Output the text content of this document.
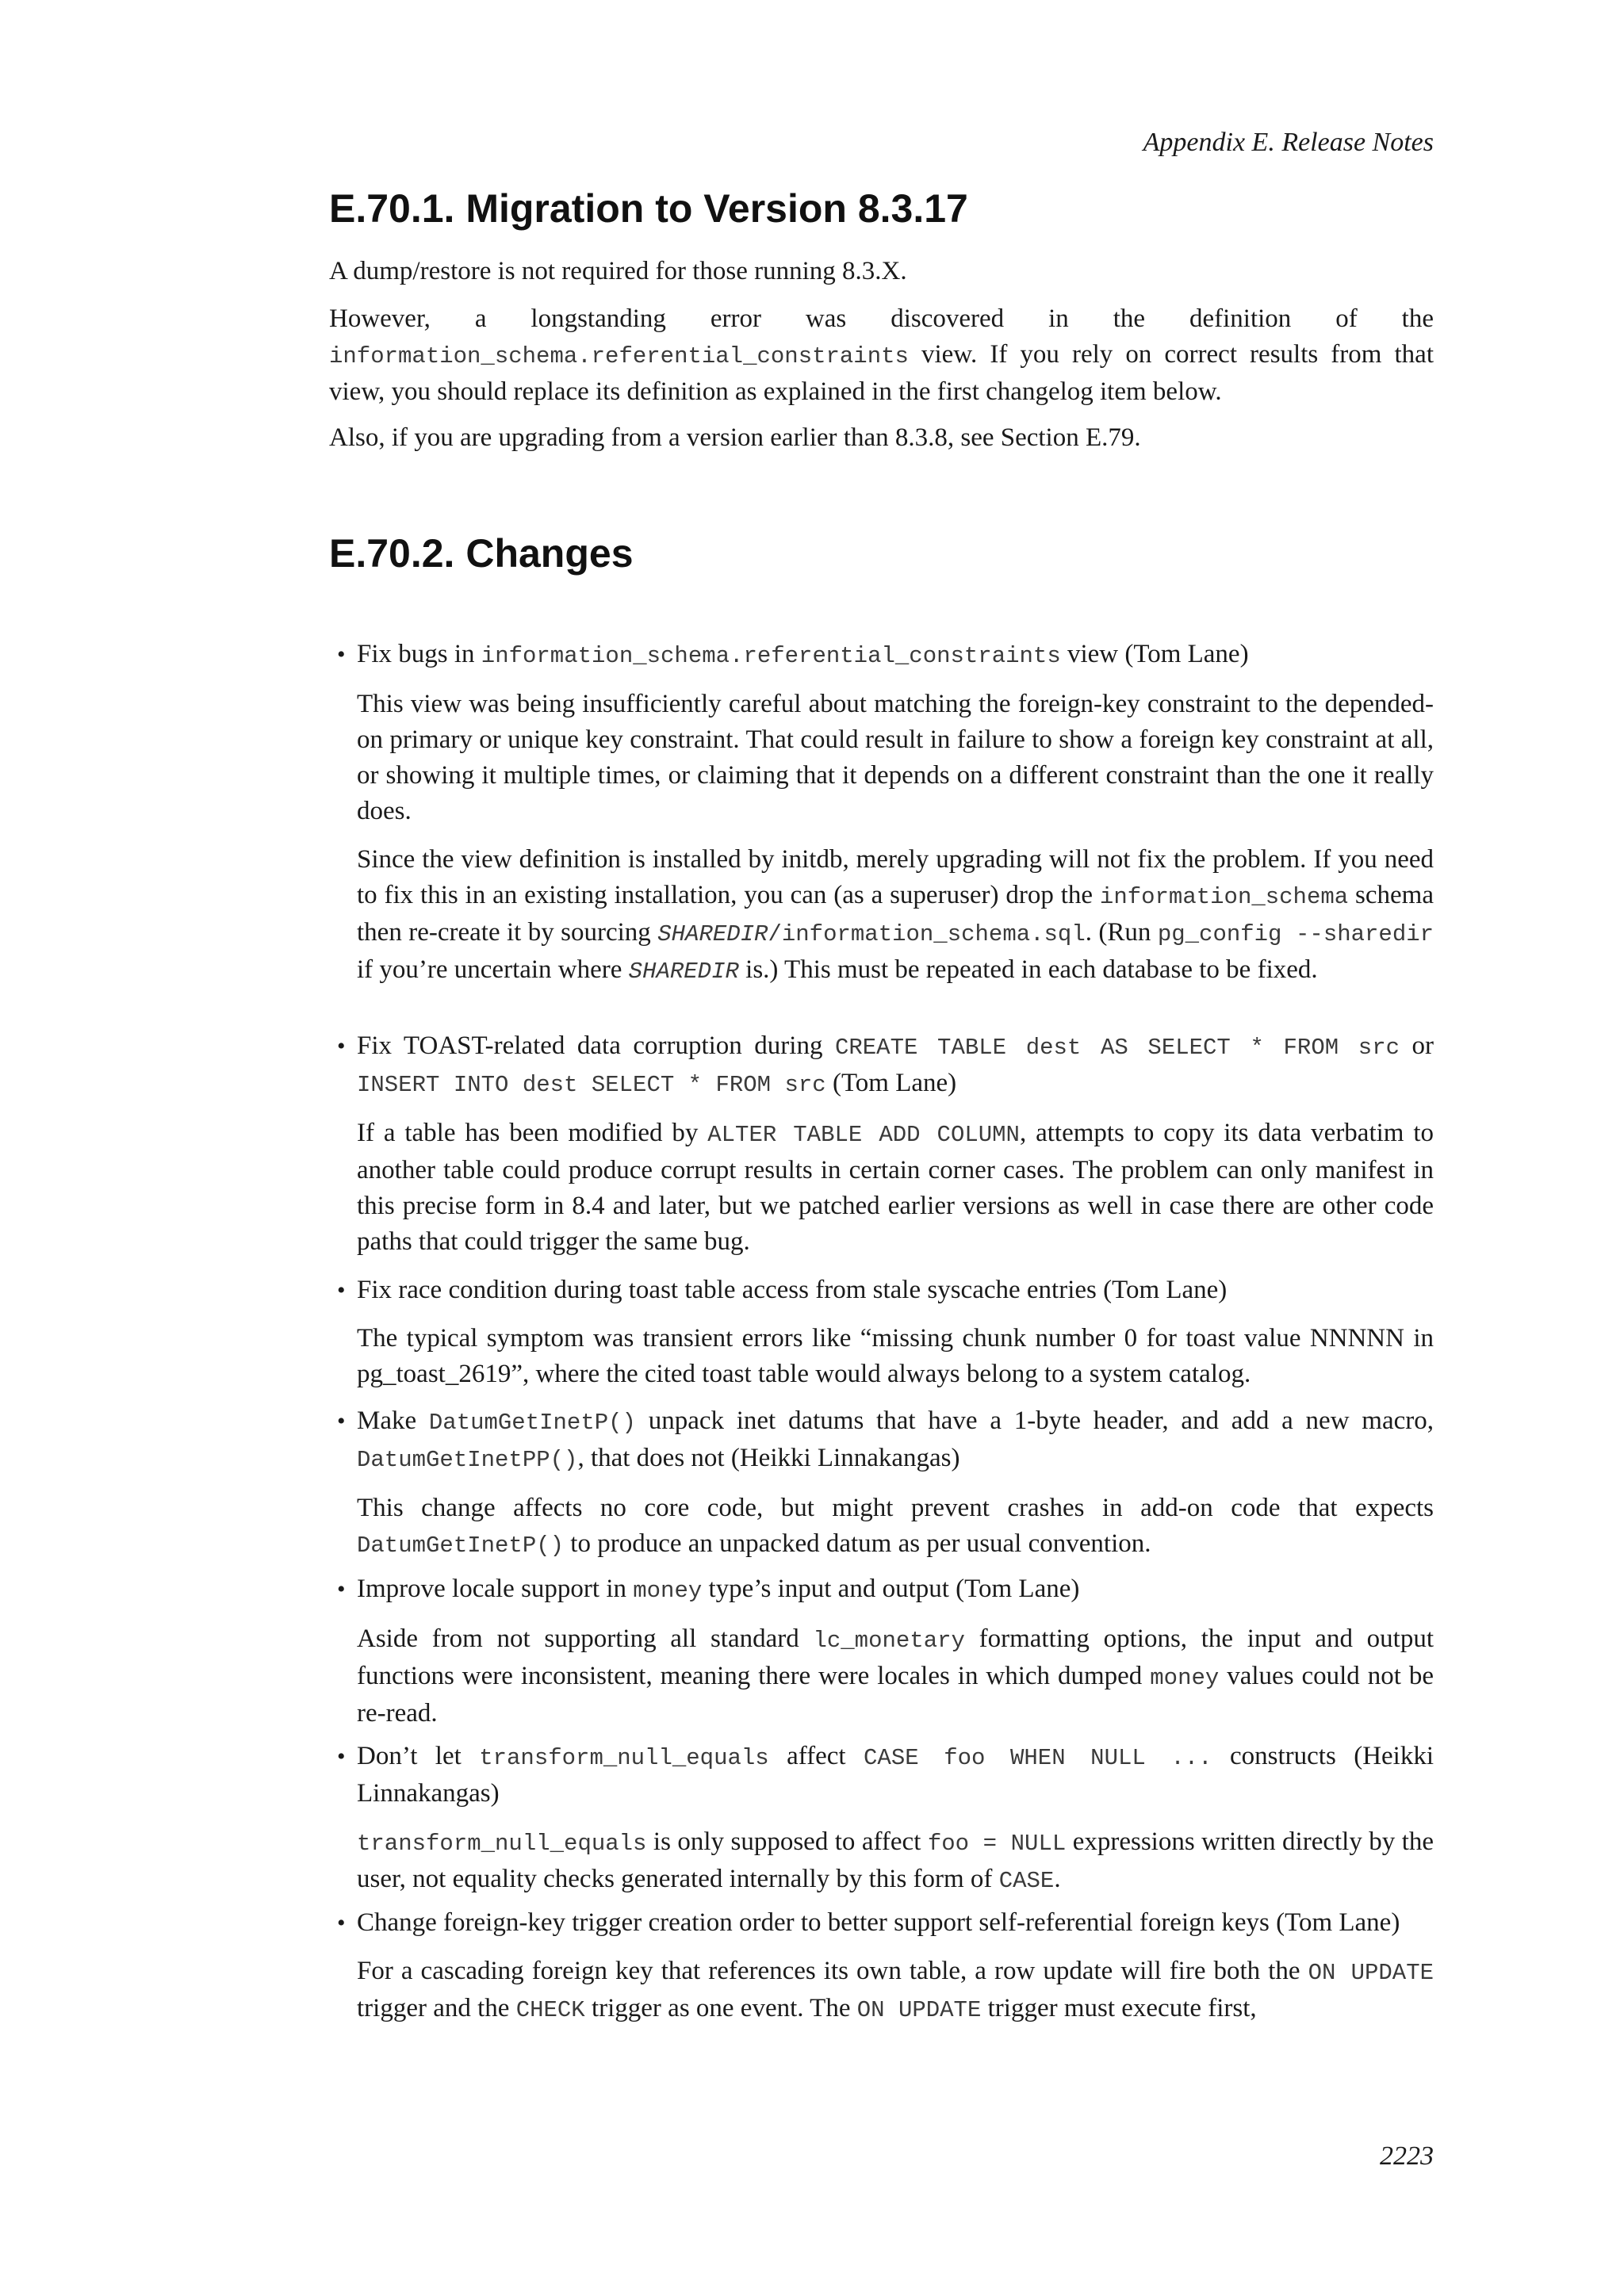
Appendix E. Release Notes
E.70.1. Migration to Version 8.3.17

A dump/restore is not required for those running 8.3.X.

However, a longstanding error was discovered in the definition of the information_schema.referential_constraints view. If you rely on correct results from that view, you should replace its definition as explained in the first changelog item below.

Also, if you are upgrading from a version earlier than 8.3.8, see Section E.79.

E.70.2. Changes
• Fix bugs in information_schema.referential_constraints view (Tom Lane)

This view was being insufficiently careful about matching the foreign-key constraint to the depended-on primary or unique key constraint. That could result in failure to show a foreign key constraint at all, or showing it multiple times, or claiming that it depends on a different constraint than the one it really does.

Since the view definition is installed by initdb, merely upgrading will not fix the problem. If you need to fix this in an existing installation, you can (as a superuser) drop the information_schema schema then re-create it by sourcing SHAREDIR/information_schema.sql. (Run pg_config --sharedir if you’re uncertain where SHAREDIR is.) This must be repeated in each database to be fixed.

• Fix TOAST-related data corruption during CREATE TABLE dest AS SELECT * FROM src or INSERT INTO dest SELECT * FROM src (Tom Lane)

If a table has been modified by ALTER TABLE ADD COLUMN, attempts to copy its data verbatim to another table could produce corrupt results in certain corner cases. The problem can only manifest in this precise form in 8.4 and later, but we patched earlier versions as well in case there are other code paths that could trigger the same bug.

• Fix race condition during toast table access from stale syscache entries (Tom Lane)

The typical symptom was transient errors like “missing chunk number 0 for toast value NNNNN in pg_toast_2619”, where the cited toast table would always belong to a system catalog.

• Make DatumGetInetP() unpack inet datums that have a 1-byte header, and add a new macro, DatumGetInetPP(), that does not (Heikki Linnakangas)

This change affects no core code, but might prevent crashes in add-on code that expects DatumGetInetP() to produce an unpacked datum as per usual convention.

• Improve locale support in money type’s input and output (Tom Lane)

Aside from not supporting all standard lc_monetary formatting options, the input and output functions were inconsistent, meaning there were locales in which dumped money values could not be re-read.

• Don’t let transform_null_equals affect CASE foo WHEN NULL ... constructs (Heikki Linnakangas)

transform_null_equals is only supposed to affect foo = NULL expressions written directly by the user, not equality checks generated internally by this form of CASE.

• Change foreign-key trigger creation order to better support self-referential foreign keys (Tom Lane)

For a cascading foreign key that references its own table, a row update will fire both the ON UPDATE trigger and the CHECK trigger as one event. The ON UPDATE trigger must execute first,

2223
